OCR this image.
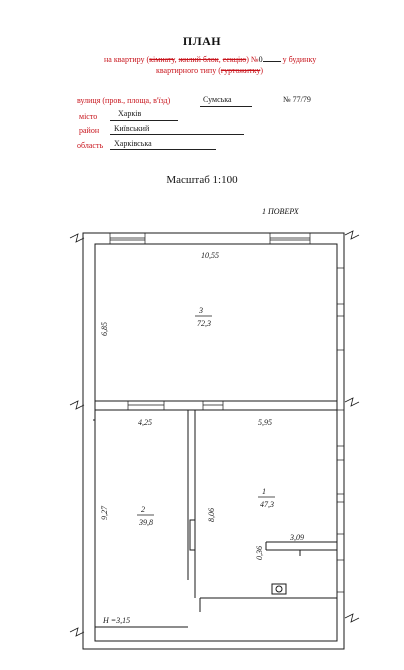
ПЛАН
на квартиру (кімнату, жилий блок, секцію) №0 у будинку
квартирного типу (гуртожитку)
вулиця (пров., площа, в'їзд)	Сумська	№ 77/79
місто	Харків
район Київський
область Харківська
Масштаб 1:100
1 ПОВЕРХ
10,55
6,85
4,25	5,95
9,27	8,06
3,09
0,36
H =3,15
3
72,3
2
39,8
1
47,3
